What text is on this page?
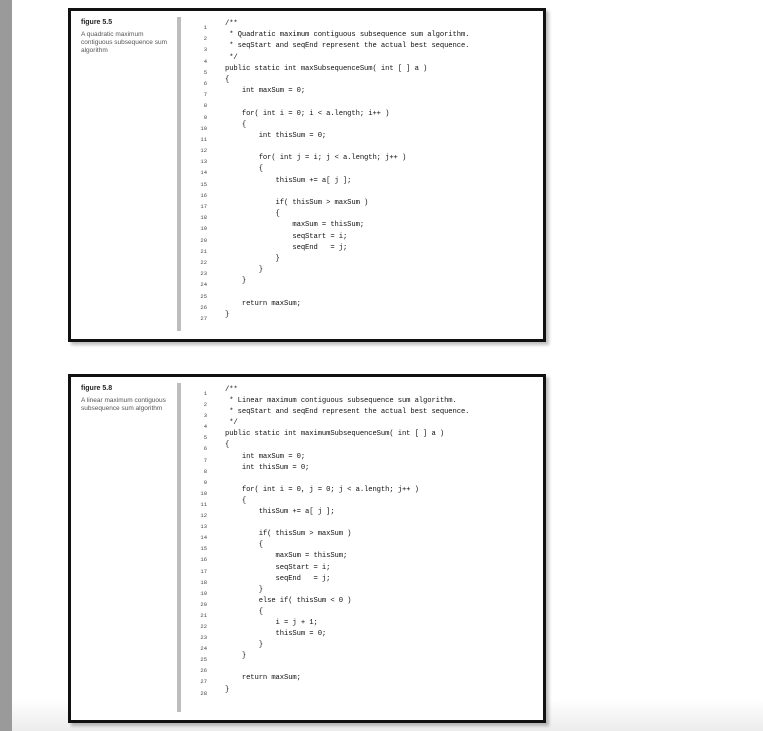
figure 5.5
A quadratic maximum contiguous subsequence sum algorithm
1
2
3
4
5
6
7
8
9
10
11
12
13
14
15
16
17
18
19
20
21
22
23
24
25
26
27
/**
* Quadratic maximum contiguous subsequence sum algorithm.
* seqStart and seqEnd represent the actual best sequence.
*/
public static int maxSubsequenceSum( int [ ] a )
{
int maxSum = 0;
for( int i = 0; i < a.length; i++ )
{
int thisSum = 0;
for( int j = i; j < a.length; j++ )
{
thisSum += a[ j ];
if( thisSum > maxSum )
{
maxSum = thisSum;
seqStart = i;
seqEnd   = j;
}
}
}
return maxSum;
}
figure 5.8
A linear maximum contiguous subsequence sum algorithm
1
2
3
4
5
6
7
8
9
10
11
12
13
14
15
16
17
18
19
20
21
22
23
24
25
26
27
28
/**
* Linear maximum contiguous subsequence sum algorithm.
* seqStart and seqEnd represent the actual best sequence.
*/
public static int maximumSubsequenceSum( int [ ] a )
{
int maxSum = 0;
int thisSum = 0;
for( int i = 0, j = 0; j < a.length; j++ )
{
thisSum += a[ j ];
if( thisSum > maxSum )
{
maxSum = thisSum;
seqStart = i;
seqEnd   = j;
}
else if( thisSum < 0 )
{
i = j + 1;
thisSum = 0;
}
}
return maxSum;
}
